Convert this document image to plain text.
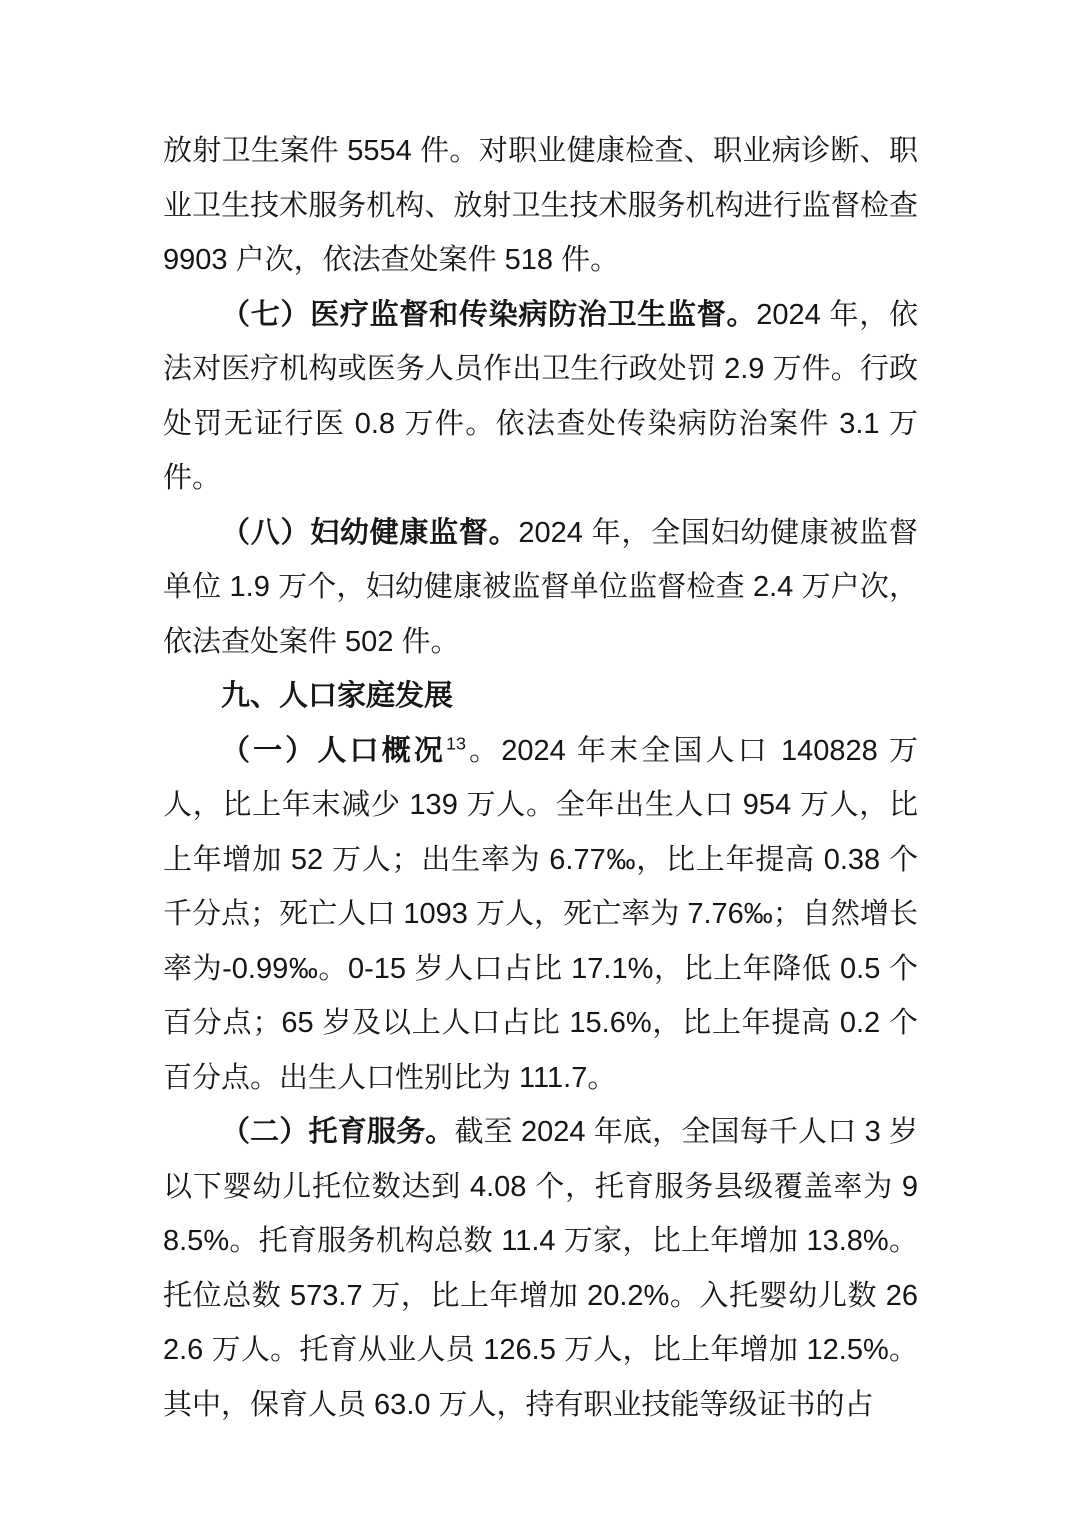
放射卫生案件 5554 件。对职业健康检查、职业病诊断、职业卫生技术服务机构、放射卫生技术服务机构进行监督检查 9903 户次，依法查处案件 518 件。

（七）医疗监督和传染病防治卫生监督。2024 年，依法对医疗机构或医务人员作出卫生行政处罚 2.9 万件。行政处罚无证行医 0.8 万件。依法查处传染病防治案件 3.1 万件。

（八）妇幼健康监督。2024 年，全国妇幼健康被监督单位 1.9 万个，妇幼健康被监督单位监督检查 2.4 万户次，依法查处案件 502 件。

九、人口家庭发展

（一）人口概况$^{13}$。2024 年末全国人口 140828 万人，比上年末减少 139 万人。全年出生人口 954 万人，比上年增加 52 万人；出生率为 6.77‰，比上年提高 0.38 个千分点；死亡人口 1093 万人，死亡率为 7.76‰；自然增长率为-0.99‰。0-15 岁人口占比 17.1%，比上年降低 0.5 个百分点；65 岁及以上人口占比 15.6%，比上年提高 0.2 个百分点。出生人口性别比为 111.7。

（二）托育服务。截至 2024 年底，全国每千人口 3 岁以下婴幼儿托位数达到 4.08 个，托育服务县级覆盖率为 98.5%。托育服务机构总数 11.4 万家，比上年增加 13.8%。托位总数 573.7 万，比上年增加 20.2%。入托婴幼儿数 262.6 万人。托育从业人员 126.5 万人，比上年增加 12.5%。其中，保育人员 63.0 万人，持有职业技能等级证书的占
